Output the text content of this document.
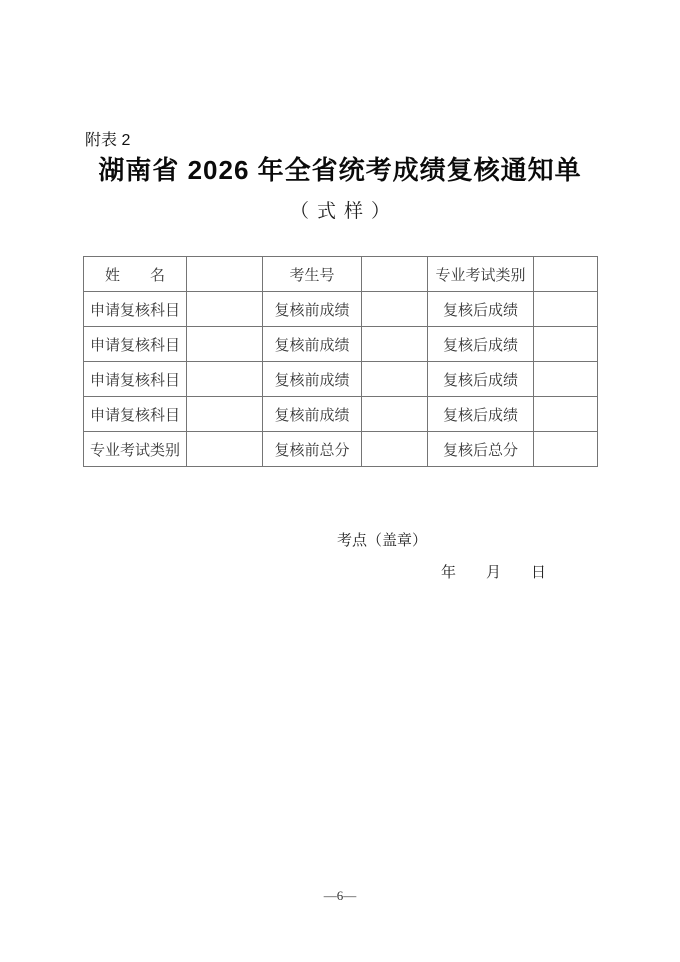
附表 2
湖南省 2026 年全省统考成绩复核通知单
（式样）
姓　　名		考生号		专业考试类别	
申请复核科目		复核前成绩		复核后成绩	
申请复核科目		复核前成绩		复核后成绩	
申请复核科目		复核前成绩		复核后成绩	
申请复核科目		复核前成绩		复核后成绩	
专业考试类别		复核前总分		复核后总分	
考点（盖章）
年　　月　　日
—6—
